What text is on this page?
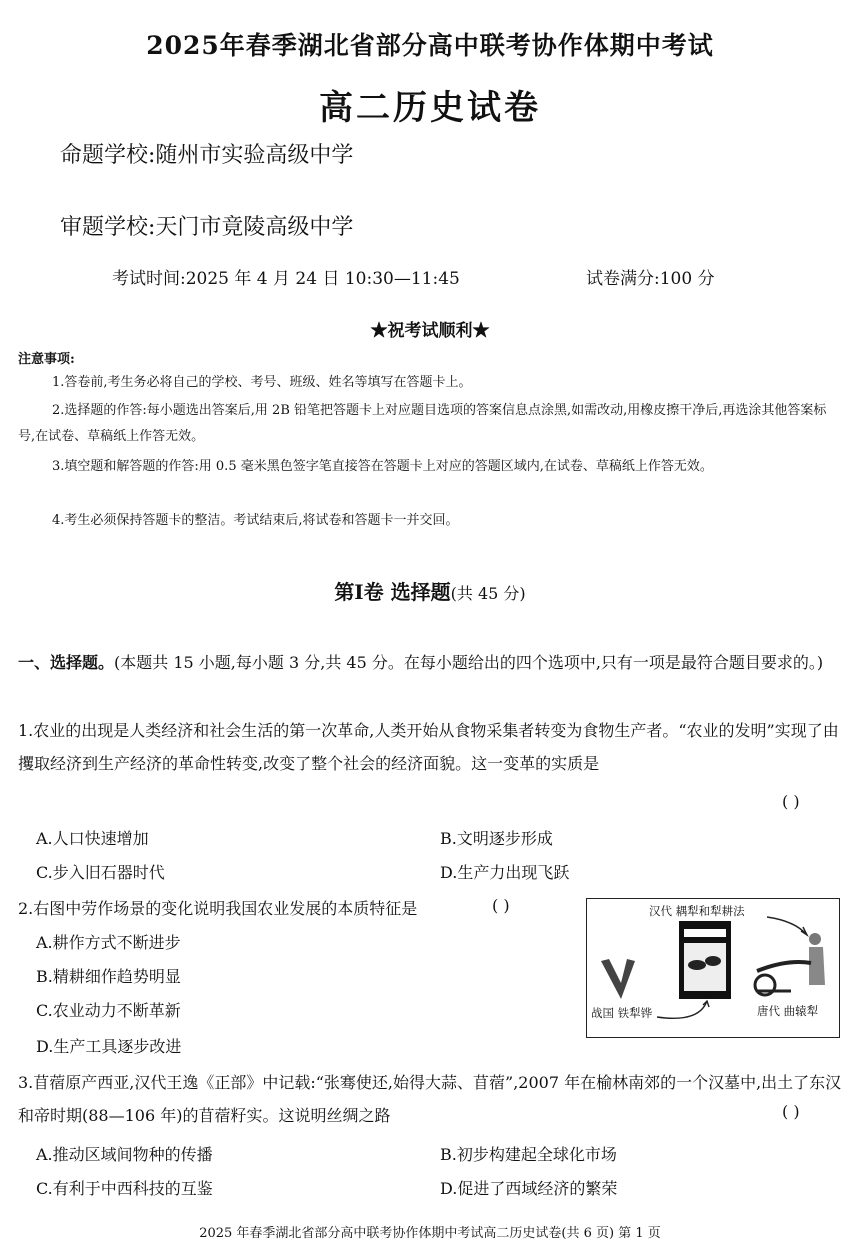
2025年春季湖北省部分高中联考协作体期中考试
高二历史试卷
命题学校:随州市实验高级中学
审题学校:天门市竟陵高级中学
考试时间:2025 年 4 月 24 日 10:30—11:45	试卷满分:100 分
★祝考试顺利★
注意事项:
1.答卷前,考生务必将自己的学校、考号、班级、姓名等填写在答题卡上。
2.选择题的作答:每小题选出答案后,用 2B 铅笔把答题卡上对应题目选项的答案信息点涂黑,如需改动,用橡皮擦干净后,再选涂其他答案标号,在试卷、草稿纸上作答无效。
3.填空题和解答题的作答:用 0.5 毫米黑色签字笔直接答在答题卡上对应的答题区域内,在试卷、草稿纸上作答无效。
4.考生必须保持答题卡的整洁。考试结束后,将试卷和答题卡一并交回。
第Ⅰ卷 选择题(共 45 分)
一、选择题。(本题共 15 小题,每小题 3 分,共 45 分。在每小题给出的四个选项中,只有一项是最符合题目要求的。)
1.农业的出现是人类经济和社会生活的第一次革命,人类开始从食物采集者转变为食物生产者。“农业的发明”实现了由攫取经济到生产经济的革命性转变,改变了整个社会的经济面貌。这一变革的实质是
( )
A.人口快速增加	B.文明逐步形成
C.步入旧石器时代	D.生产力出现飞跃
2.右图中劳作场景的变化说明我国农业发展的本质特征是	( )
A.耕作方式不断进步
B.精耕细作趋势明显
C.农业动力不断革新
D.生产工具逐步改进
汉代 耦犁和犁耕法
战国 铁犁铧	唐代 曲辕犁
3.苜蓿原产西亚,汉代王逸《正部》中记载:“张骞使还,始得大蒜、苜蓿”,2007 年在榆林南郊的一个汉墓中,出土了东汉和帝时期(88—106 年)的苜蓿籽实。这说明丝绸之路	( )
A.推动区域间物种的传播	B.初步构建起全球化市场
C.有利于中西科技的互鉴	D.促进了西域经济的繁荣
2025 年春季湖北省部分高中联考协作体期中考试高二历史试卷(共 6 页) 第 1 页
